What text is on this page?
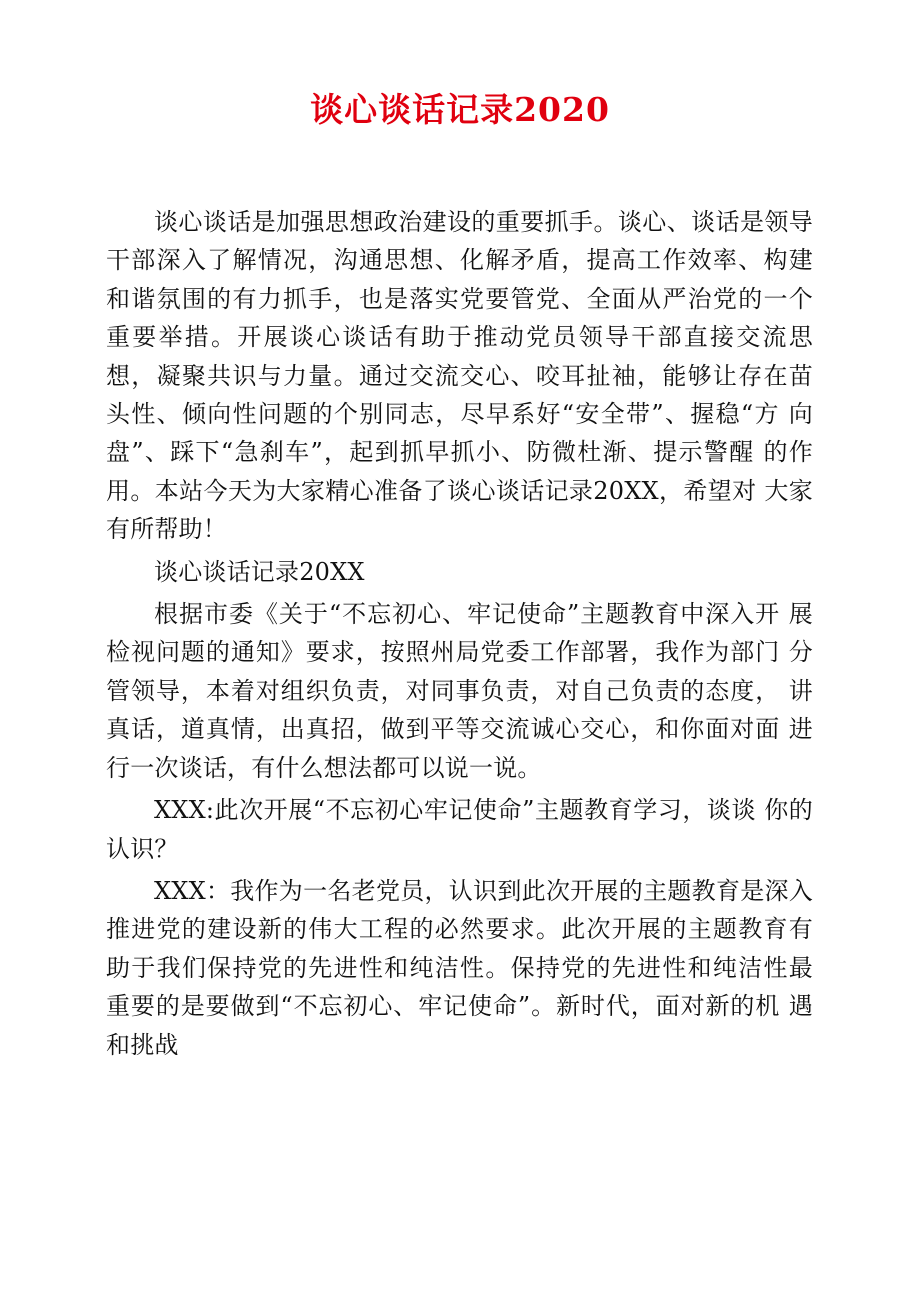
谈心谈话记录2020

谈心谈话是加强思想政治建设的重要抓手。谈心、谈话是领导干部深入了解情况，沟通思想、化解矛盾，提高工作效率、构建 和谐氛围的有力抓手，也是落实党要管党、全面从严治党的一个 重要举措。开展谈心谈话有助于推动党员领导干部直接交流思 想，凝聚共识与力量。通过交流交心、咬耳扯袖，能够让存在苗 头性、倾向性问题的个别同志，尽早系好“安全带”、握稳“方 向盘”、踩下“急刹车”，起到抓早抓小、防微杜渐、提示警醒 的作用。本站今天为大家精心准备了谈心谈话记录20XX，希望对 大家有所帮助！

谈心谈话记录20XX

根据市委《关于“不忘初心、牢记使命”主题教育中深入开 展检视问题的通知》要求，按照州局党委工作部署，我作为部门 分管领导，本着对组织负责，对同事负责，对自己负责的态度， 讲真话，道真情，出真招，做到平等交流诚心交心，和你面对面 进行一次谈话，有什么想法都可以说一说。

XXX:此次开展“不忘初心牢记使命”主题教育学习，谈谈 你的认识？

XXX：我作为一名老党员，认识到此次开展的主题教育是深入 推进党的建设新的伟大工程的必然要求。此次开展的主题教育有 助于我们保持党的先进性和纯洁性。保持党的先进性和纯洁性最 重要的是要做到“不忘初心、牢记使命”。新时代，面对新的机 遇和挑战
